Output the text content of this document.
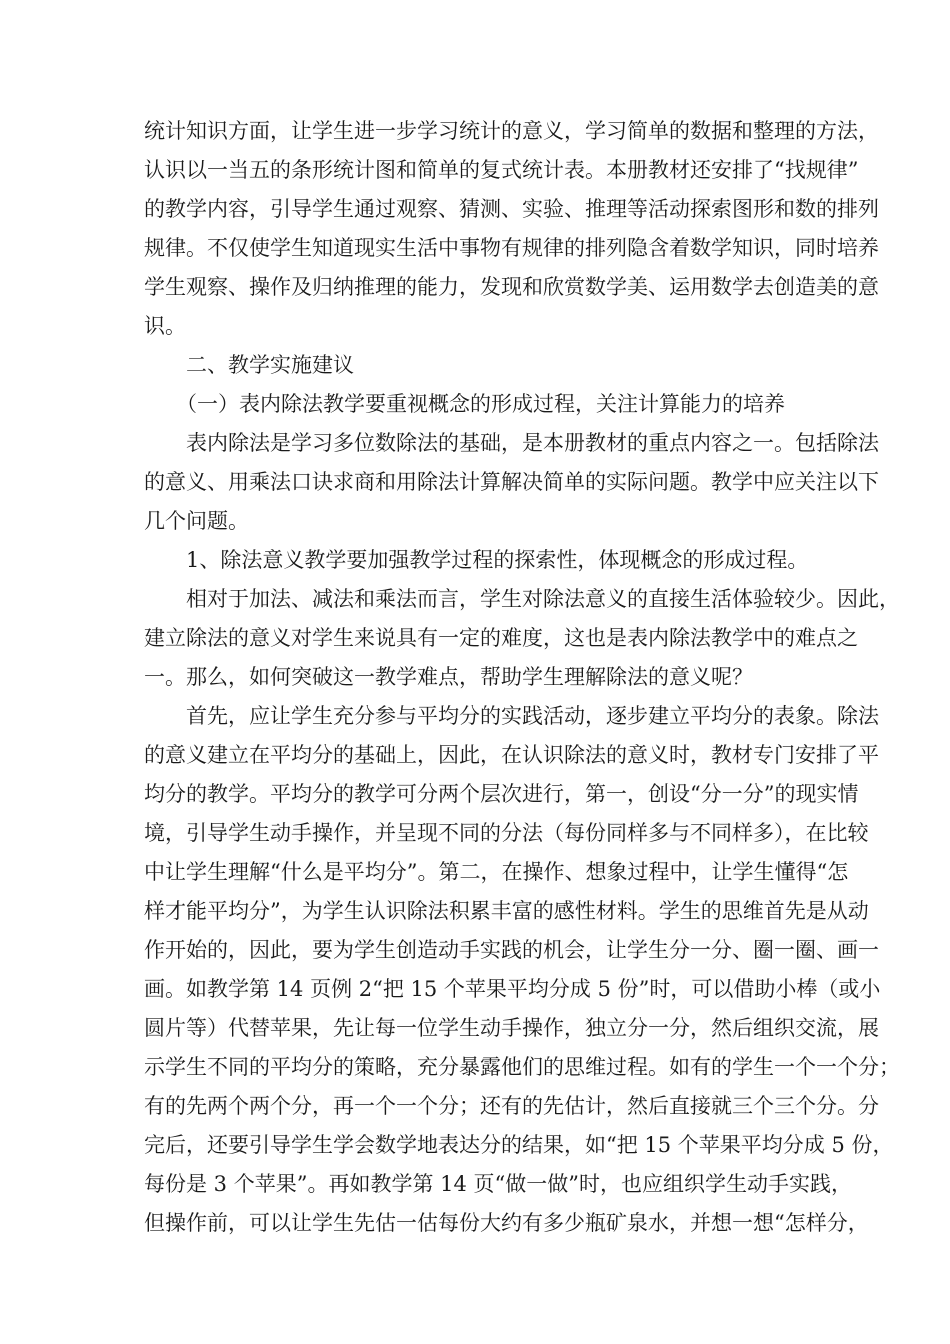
统计知识方面，让学生进一步学习统计的意义，学习简单的数据和整理的方法，
认识以一当五的条形统计图和简单的复式统计表。本册教材还安排了“找规律”
的教学内容，引导学生通过观察、猜测、实验、推理等活动探索图形和数的排列
规律。不仅使学生知道现实生活中事物有规律的排列隐含着数学知识，同时培养
学生观察、操作及归纳推理的能力，发现和欣赏数学美、运用数学去创造美的意
识。
二、教学实施建议
（一）表内除法教学要重视概念的形成过程，关注计算能力的培养
表内除法是学习多位数除法的基础，是本册教材的重点内容之一。包括除法
的意义、用乘法口诀求商和用除法计算解决简单的实际问题。教学中应关注以下
几个问题。
1、除法意义教学要加强教学过程的探索性，体现概念的形成过程。
相对于加法、减法和乘法而言，学生对除法意义的直接生活体验较少。因此，
建立除法的意义对学生来说具有一定的难度，这也是表内除法教学中的难点之
一。那么，如何突破这一教学难点，帮助学生理解除法的意义呢？
首先，应让学生充分参与平均分的实践活动，逐步建立平均分的表象。除法
的意义建立在平均分的基础上，因此，在认识除法的意义时，教材专门安排了平
均分的教学。平均分的教学可分两个层次进行，第一，创设“分一分”的现实情
境，引导学生动手操作，并呈现不同的分法（每份同样多与不同样多），在比较
中让学生理解“什么是平均分”。第二，在操作、想象过程中，让学生懂得“怎
样才能平均分”，为学生认识除法积累丰富的感性材料。学生的思维首先是从动
作开始的，因此，要为学生创造动手实践的机会，让学生分一分、圈一圈、画一
画。如教学第 14 页例 2“把 15 个苹果平均分成 5 份”时，可以借助小棒（或小
圆片等）代替苹果，先让每一位学生动手操作，独立分一分，然后组织交流，展
示学生不同的平均分的策略，充分暴露他们的思维过程。如有的学生一个一个分；
有的先两个两个分，再一个一个分；还有的先估计，然后直接就三个三个分。分
完后，还要引导学生学会数学地表达分的结果，如“把 15 个苹果平均分成 5 份，
每份是 3 个苹果”。再如教学第 14 页“做一做”时，也应组织学生动手实践，
但操作前，可以让学生先估一估每份大约有多少瓶矿泉水，并想一想“怎样分，
